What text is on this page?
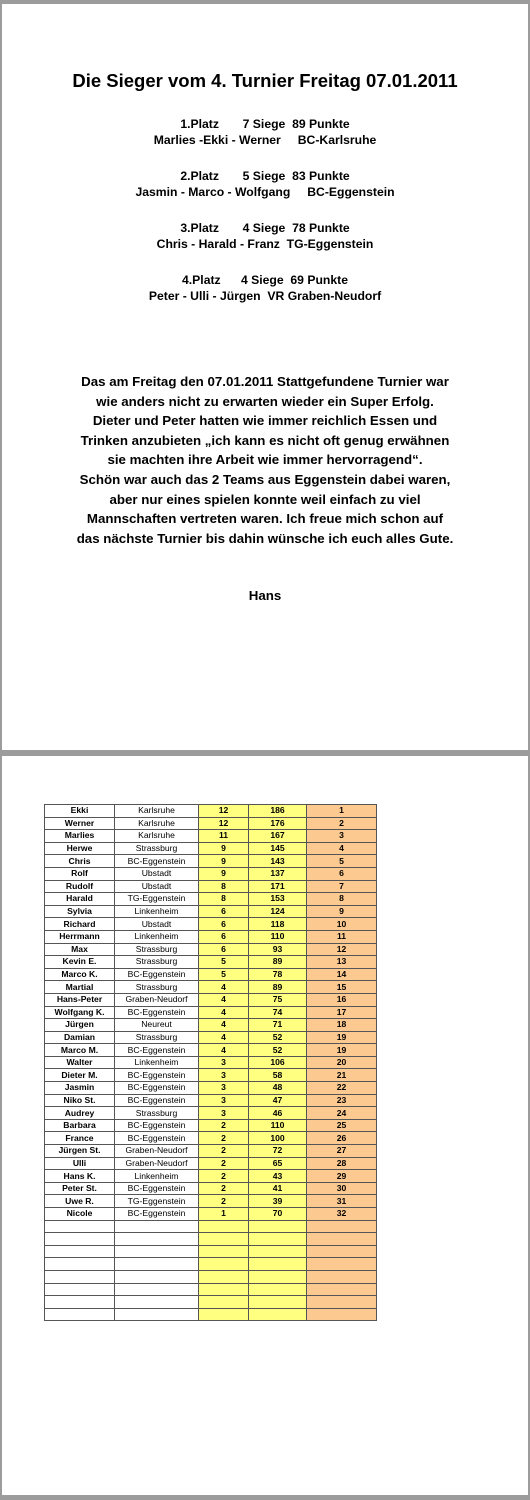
Die Sieger vom 4. Turnier Freitag 07.01.2011
1.Platz       7 Siege  89 Punkte
Marlies -Ekki - Werner     BC-Karlsruhe
2.Platz       5 Siege  83 Punkte
Jasmin - Marco - Wolfgang     BC-Eggenstein
3.Platz       4 Siege  78 Punkte
Chris - Harald - Franz  TG-Eggenstein
4.Platz      4 Siege  69 Punkte
Peter - Ulli - Jürgen  VR Graben-Neudorf
Das am Freitag den 07.01.2011 Stattgefundene Turnier war
wie anders nicht zu erwarten wieder ein Super Erfolg.
Dieter und Peter hatten wie immer reichlich Essen und
Trinken anzubieten „ich kann es nicht oft genug erwähnen
sie machten ihre Arbeit wie immer hervorragend“.
Schön war auch das 2 Teams aus Eggenstein dabei waren,
aber nur eines spielen konnte weil einfach zu viel
Mannschaften vertreten waren. Ich freue mich schon auf
das nächste Turnier bis dahin wünsche ich euch alles Gute.
Hans
Ekki	Karlsruhe	12	186	1
Werner	Karlsruhe	12	176	2
Marlies	Karlsruhe	11	167	3
Herwe	Strassburg	9	145	4
Chris	BC-Eggenstein	9	143	5
Rolf	Ubstadt	9	137	6
Rudolf	Ubstadt	8	171	7
Harald	TG-Eggenstein	8	153	8
Sylvia	Linkenheim	6	124	9
Richard	Ubstadt	6	118	10
Herrmann	Linkenheim	6	110	11
Max	Strassburg	6	93	12
Kevin E.	Strassburg	5	89	13
Marco K.	BC-Eggenstein	5	78	14
Martial	Strassburg	4	89	15
Hans-Peter	Graben-Neudorf	4	75	16
Wolfgang K.	BC-Eggenstein	4	74	17
Jürgen	Neureut	4	71	18
Damian	Strassburg	4	52	19
Marco M.	BC-Eggenstein	4	52	19
Walter	Linkenheim	3	106	20
Dieter M.	BC-Eggenstein	3	58	21
Jasmin	BC-Eggenstein	3	48	22
Niko St.	BC-Eggenstein	3	47	23
Audrey	Strassburg	3	46	24
Barbara	BC-Eggenstein	2	110	25
France	BC-Eggenstein	2	100	26
Jürgen St.	Graben-Neudorf	2	72	27
Ulli	Graben-Neudorf	2	65	28
Hans K.	Linkenheim	2	43	29
Peter St.	BC-Eggenstein	2	41	30
Uwe R.	TG-Eggenstein	2	39	31
Nicole	BC-Eggenstein	1	70	32
